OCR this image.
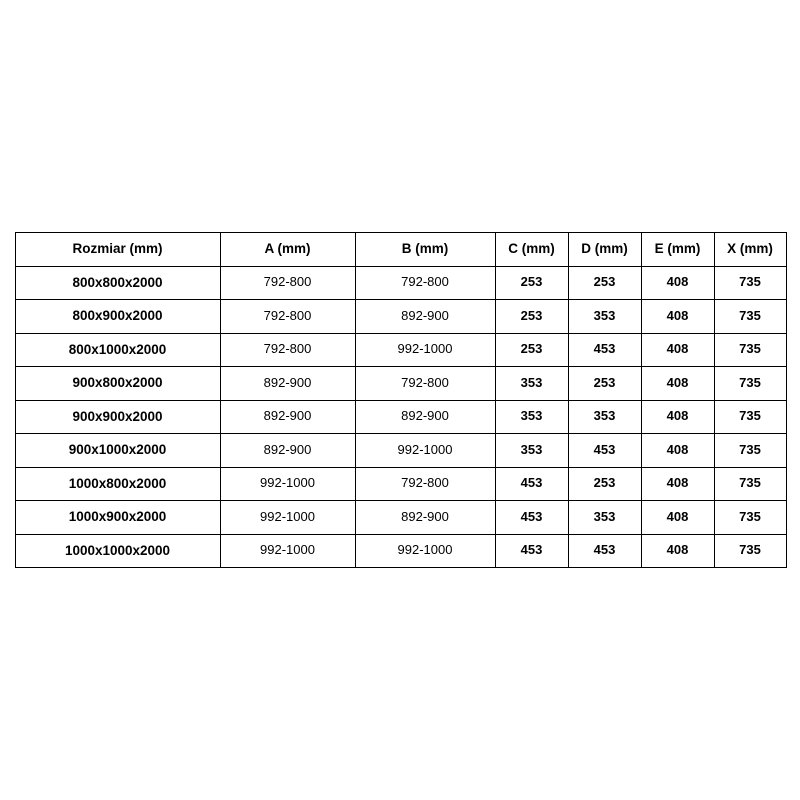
Rozmiar (mm)	A (mm)	B (mm)	C (mm)	D (mm)	E (mm)	X (mm)
800x800x2000	792-800	792-800	253	253	408	735
800x900x2000	792-800	892-900	253	353	408	735
800x1000x2000	792-800	992-1000	253	453	408	735
900x800x2000	892-900	792-800	353	253	408	735
900x900x2000	892-900	892-900	353	353	408	735
900x1000x2000	892-900	992-1000	353	453	408	735
1000x800x2000	992-1000	792-800	453	253	408	735
1000x900x2000	992-1000	892-900	453	353	408	735
1000x1000x2000	992-1000	992-1000	453	453	408	735
